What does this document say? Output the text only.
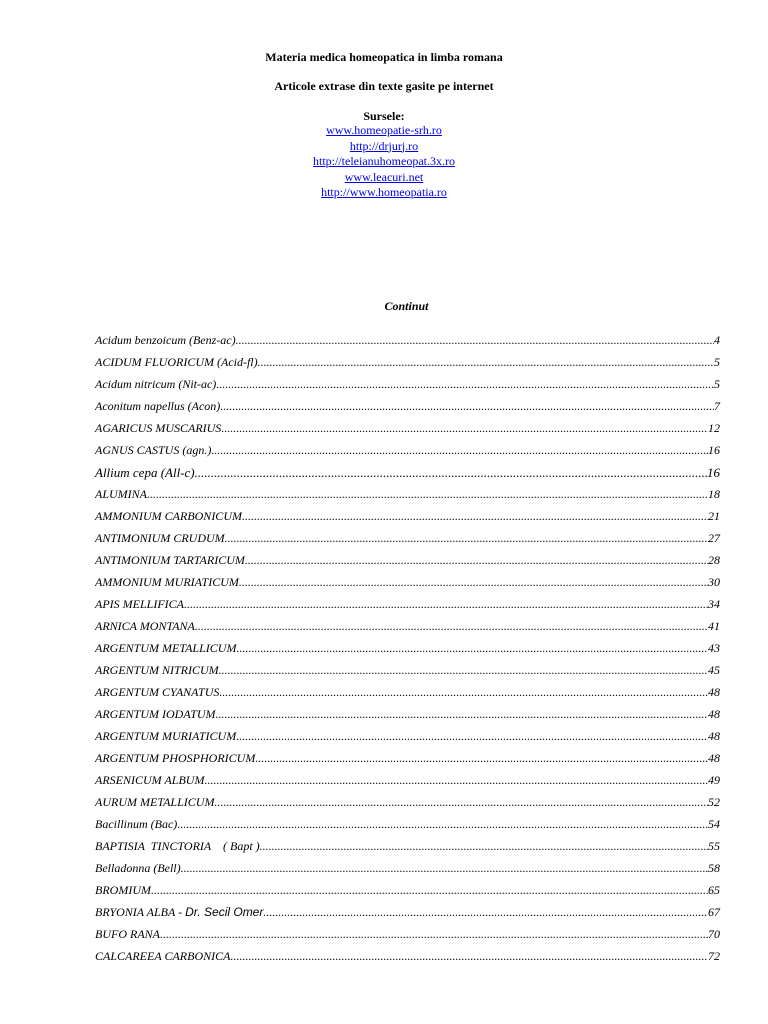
Materia medica homeopatica in limba romana
Articole extrase din texte gasite pe internet
Sursele:
www.homeopatie-srh.ro
http://drjurj.ro
http://teleianuhomeopat.3x.ro
www.leacuri.net
http://www.homeopatia.ro
Continut
Acidum benzoicum (Benz-ac) .....	4
ACIDUM FLUORICUM (Acid-fl) .....	5
Acidum nitricum (Nit-ac) .....	5
Aconitum napellus (Acon) .....	7
AGARICUS MUSCARIUS .....	12
AGNUS CASTUS (agn.) .....	16
Allium cepa (All-c) .....	16
ALUMINA .....	18
AMMONIUM CARBONICUM .....	21
ANTIMONIUM CRUDUM .....	27
ANTIMONIUM TARTARICUM .....	28
AMMONIUM MURIATICUM .....	30
APIS MELLIFICA .....	34
ARNICA MONTANA .....	41
ARGENTUM METALLICUM .....	43
ARGENTUM NITRICUM .....	45
ARGENTUM CYANATUS .....	48
ARGENTUM IODATUM .....	48
ARGENTUM MURIATICUM .....	48
ARGENTUM PHOSPHORICUM .....	48
ARSENICUM ALBUM .....	49
AURUM METALLICUM .....	52
Bacillinum (Bac) .....	54
BAPTISIA  TINCTORIA    ( Bapt ) .....	55
Belladonna (Bell) .....	58
BROMIUM .....	65
BRYONIA ALBA - Dr. Secil Omer .....	67
BUFO RANA .....	70
CALCAREEA CARBONICA .....	72
